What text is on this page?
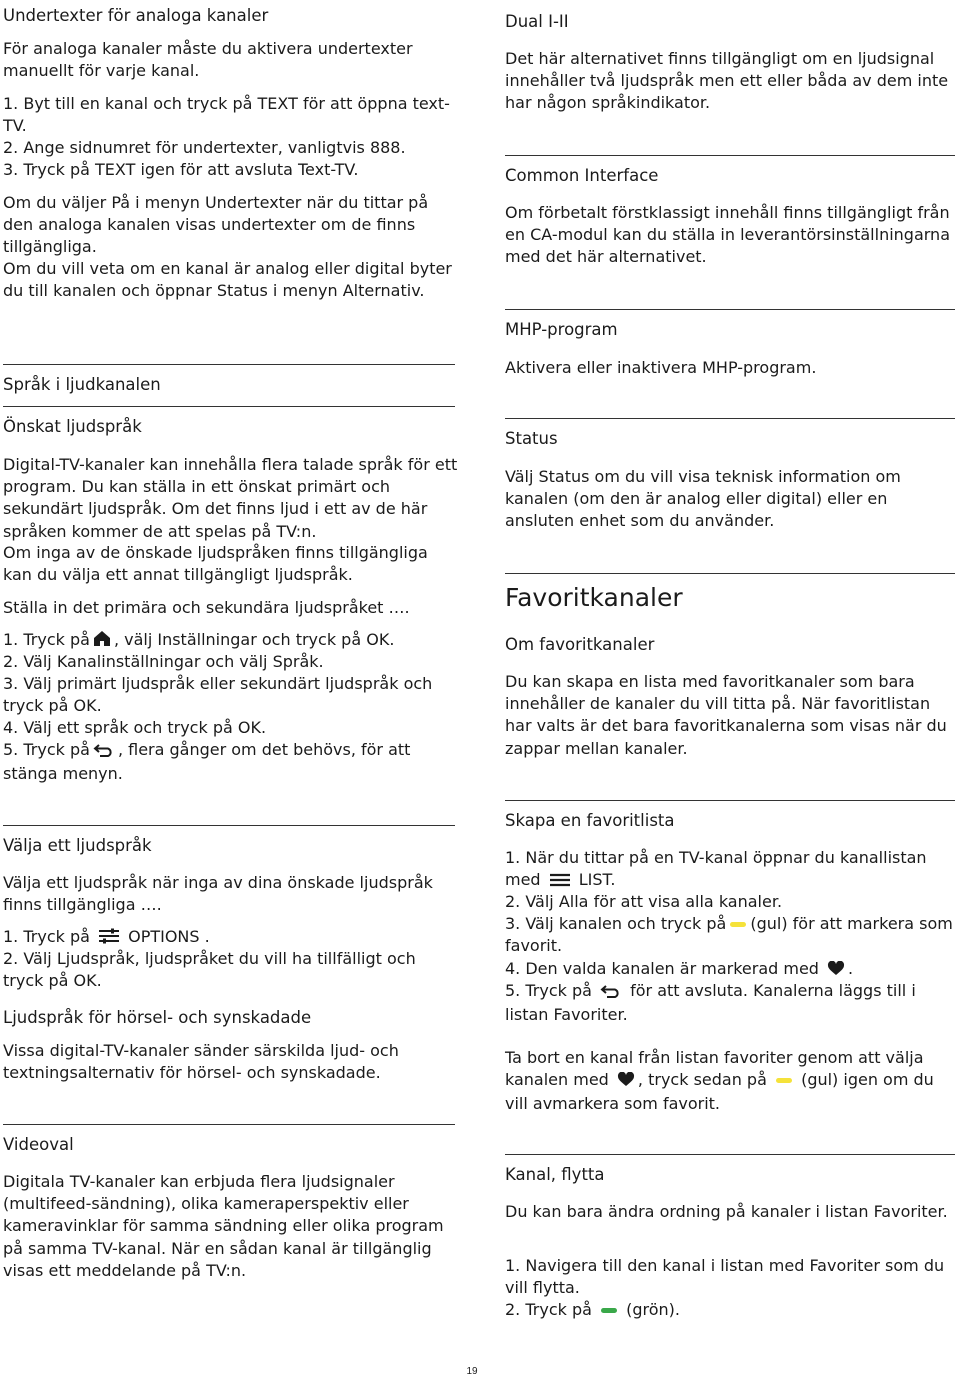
Undertexter för analoga kanaler

För analoga kanaler måste du aktivera undertexter manuellt för varje kanal.

1. Byt till en kanal och tryck på TEXT för att öppna text-TV.

2. Ange sidnumret för undertexter, vanligtvis 888.

3. Tryck på TEXT igen för att avsluta Text-TV.

Om du väljer På i menyn Undertexter när du tittar på den analoga kanalen visas undertexter om de finns tillgängliga.

Om du vill veta om en kanal är analog eller digital byter du till kanalen och öppnar Status i menyn Alternativ.

Språk i ljudkanalen
Önskat ljudspråk

Digital-TV-kanaler kan innehålla flera talade språk för ett program. Du kan ställa in ett önskat primärt och sekundärt ljudspråk. Om det finns ljud i ett av de här språken kommer de att spelas på TV:n.

Om inga av de önskade ljudspråken finns tillgängliga kan du välja ett annat tillgängligt ljudspråk.

Ställa in det primära och sekundära ljudspråket ….

1. Tryck på , välj Inställningar och tryck på OK.

2. Välj Kanalinställningar och välj Språk.

3. Välj primärt ljudspråk eller sekundärt ljudspråk och tryck på OK.

4. Välj ett språk och tryck på OK.

5. Tryck på , flera gånger om det behövs, för att stänga menyn.

Välja ett ljudspråk

Välja ett ljudspråk när inga av dina önskade ljudspråk finns tillgängliga ….

1. Tryck på  OPTIONS .

2. Välj Ljudspråk, ljudspråket du vill ha tillfälligt och tryck på OK.

Ljudspråk för hörsel- och synskadade

Vissa digital-TV-kanaler sänder särskilda ljud- och textningsalternativ för hörsel- och synskadade.

Videoval

Digitala TV-kanaler kan erbjuda flera ljudsignaler (multifeed-sändning), olika kameraperspektiv eller kameravinklar för samma sändning eller olika program på samma TV-kanal. När en sådan kanal är tillgänglig visas ett meddelande på TV:n.

Dual I-II

Det här alternativet finns tillgängligt om en ljudsignal innehåller två ljudspråk men ett eller båda av dem inte har någon språkindikator.

Common Interface

Om förbetalt förstklassigt innehåll finns tillgängligt från en CA-modul kan du ställa in leverantörsinställningarna med det här alternativet.

MHP-program

Aktivera eller inaktivera MHP-program.

Status

Välj Status om du vill visa teknisk information om kanalen (om den är analog eller digital) eller en ansluten enhet som du använder.

Favoritkanaler
Om favoritkanaler

Du kan skapa en lista med favoritkanaler som bara innehåller de kanaler du vill titta på. När favoritlistan har valts är det bara favoritkanalerna som visas när du zappar mellan kanaler.

Skapa en favoritlista

1. När du tittar på en TV-kanal öppnar du kanallistan med  LIST.

2. Välj Alla för att visa alla kanaler.

3. Välj kanalen och tryck på (gul) för att markera som favorit.

4. Den valda kanalen är markerad med .

5. Tryck på  för att avsluta. Kanalerna läggs till i listan Favoriter.

Ta bort en kanal från listan favoriter genom att välja kanalen med , tryck sedan på  (gul) igen om du vill avmarkera som favorit.

Kanal, flytta

Du kan bara ändra ordning på kanaler i listan Favoriter.

1. Navigera till den kanal i listan med Favoriter som du vill flytta.

2. Tryck på  (grön).

19
